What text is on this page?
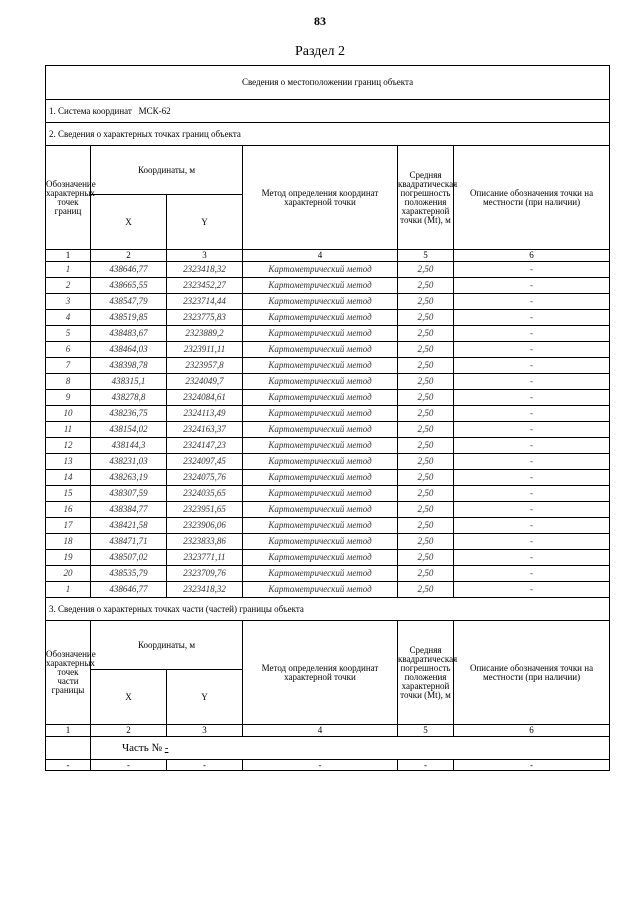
83
Раздел 2
Сведения о местоположении границ объекта					
1. Система координат МСК-62					
2. Сведения о характерных точках границ объекта					
Обозначение характерных точек границ	Координаты, м		Метод определения координат характерной точки	Средняя квадратическая погрешность положения характерной точки (Mt), м	Описание обозначения точки на местности (при наличии)
	X	Y			
1	2	3	4	5	6
1	438646,77	2323418,32	Картометрический метод	2,50	-
2	438665,55	2323452,27	Картометрический метод	2,50	-
3	438547,79	2323714,44	Картометрический метод	2,50	-
4	438519,85	2323775,83	Картометрический метод	2,50	-
5	438483,67	2323889,2	Картометрический метод	2,50	-
6	438464,03	2323911,11	Картометрический метод	2,50	-
7	438398,78	2323957,8	Картометрический метод	2,50	-
8	438315,1	2324049,7	Картометрический метод	2,50	-
9	438278,8	2324084,61	Картометрический метод	2,50	-
10	438236,75	2324113,49	Картометрический метод	2,50	-
11	438154,02	2324163,37	Картометрический метод	2,50	-
12	438144,3	2324147,23	Картометрический метод	2,50	-
13	438231,03	2324097,45	Картометрический метод	2,50	-
14	438263,19	2324075,76	Картометрический метод	2,50	-
15	438307,59	2324035,65	Картометрический метод	2,50	-
16	438384,77	2323951,65	Картометрический метод	2,50	-
17	438421,58	2323906,06	Картометрический метод	2,50	-
18	438471,71	2323833,86	Картометрический метод	2,50	-
19	438507,02	2323771,11	Картометрический метод	2,50	-
20	438535,79	2323709,76	Картометрический метод	2,50	-
1	438646,77	2323418,32	Картометрический метод	2,50	-
3. Сведения о характерных точках части (частей) границы объекта					
Обозначение характерных точек части границы	Координаты, м		Метод определения координат характерной точки	Средняя квадратическая погрешность положения характерной точки (Mt), м	Описание обозначения точки на местности (при наличии)
	X	Y			
1	2	3	4	5	6
	Часть № -				
-	-	-	-	-	-
